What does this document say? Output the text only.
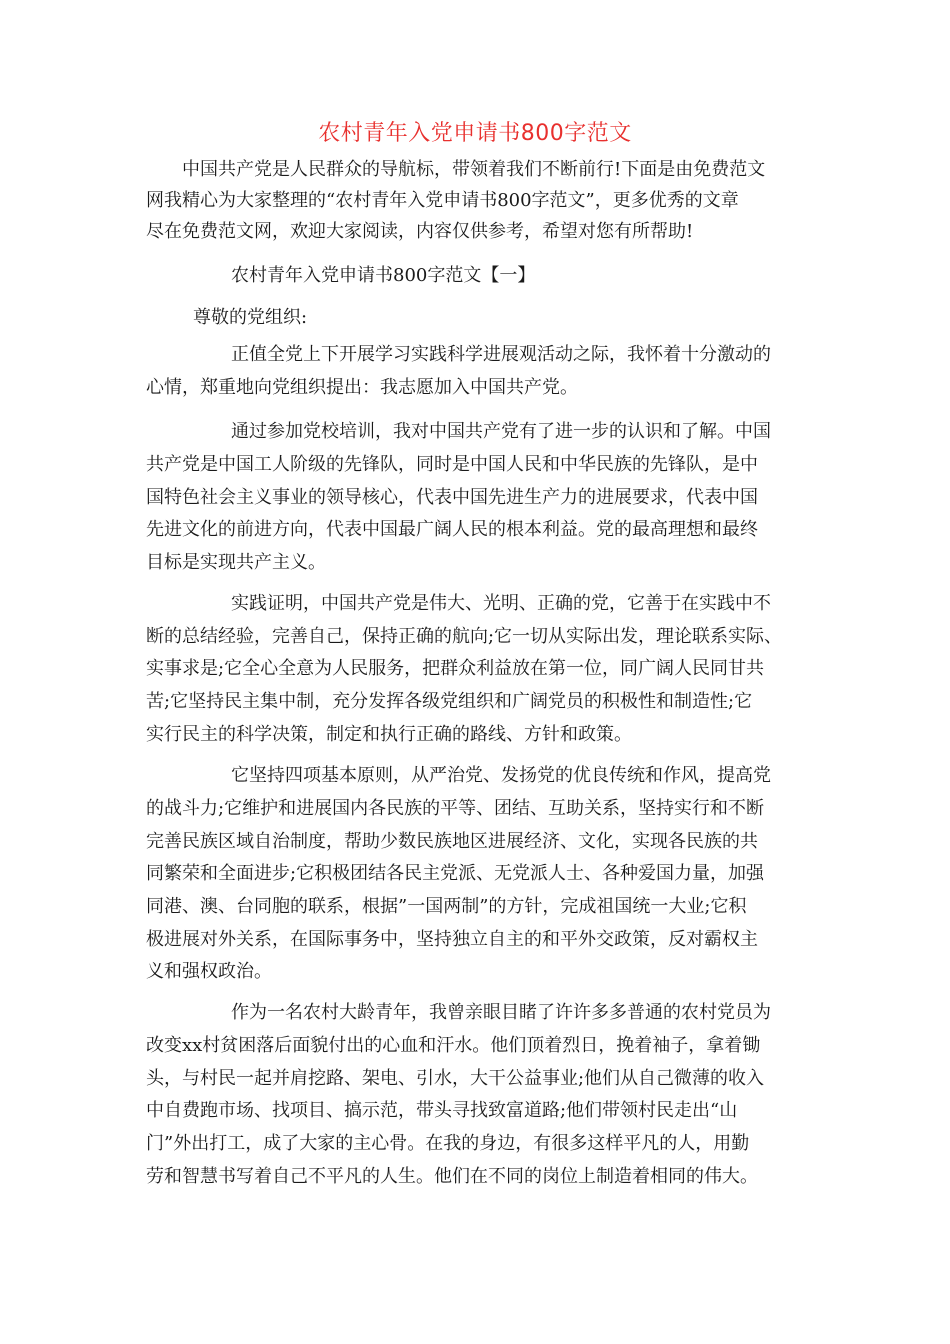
农村青年入党申请书800字范文
中国共产党是人民群众的导航标，带领着我们不断前行!下面是由免费范文
网我精心为大家整理的“农村青年入党申请书800字范文”，更多优秀的文章
尽在免费范文网，欢迎大家阅读，内容仅供参考，希望对您有所帮助!
农村青年入党申请书800字范文【一】
尊敬的党组织:
正值全党上下开展学习实践科学进展观活动之际，我怀着十分激动的
心情，郑重地向党组织提出：我志愿加入中国共产党。
通过参加党校培训，我对中国共产党有了进一步的认识和了解。中国
共产党是中国工人阶级的先锋队，同时是中国人民和中华民族的先锋队，是中
国特色社会主义事业的领导核心，代表中国先进生产力的进展要求，代表中国
先进文化的前进方向，代表中国最广阔人民的根本利益。党的最高理想和最终
目标是实现共产主义。
实践证明，中国共产党是伟大、光明、正确的党，它善于在实践中不
断的总结经验，完善自己，保持正确的航向;它一切从实际出发，理论联系实际、
实事求是;它全心全意为人民服务，把群众利益放在第一位，同广阔人民同甘共
苦;它坚持民主集中制，充分发挥各级党组织和广阔党员的积极性和制造性;它
实行民主的科学决策，制定和执行正确的路线、方针和政策。
它坚持四项基本原则，从严治党、发扬党的优良传统和作风，提高党
的战斗力;它维护和进展国内各民族的平等、团结、互助关系，坚持实行和不断
完善民族区域自治制度，帮助少数民族地区进展经济、文化，实现各民族的共
同繁荣和全面进步;它积极团结各民主党派、无党派人士、各种爱国力量，加强
同港、澳、台同胞的联系，根据”一国两制”的方针，完成祖国统一大业;它积
极进展对外关系，在国际事务中，坚持独立自主的和平外交政策，反对霸权主
义和强权政治。
作为一名农村大龄青年，我曾亲眼目睹了许许多多普通的农村党员为
改变xx村贫困落后面貌付出的心血和汗水。他们顶着烈日，挽着袖子，拿着锄
头，与村民一起并肩挖路、架电、引水，大干公益事业;他们从自己微薄的收入
中自费跑市场、找项目、搞示范，带头寻找致富道路;他们带领村民走出“山
门”外出打工，成了大家的主心骨。在我的身边，有很多这样平凡的人，用勤
劳和智慧书写着自己不平凡的人生。他们在不同的岗位上制造着相同的伟大。
